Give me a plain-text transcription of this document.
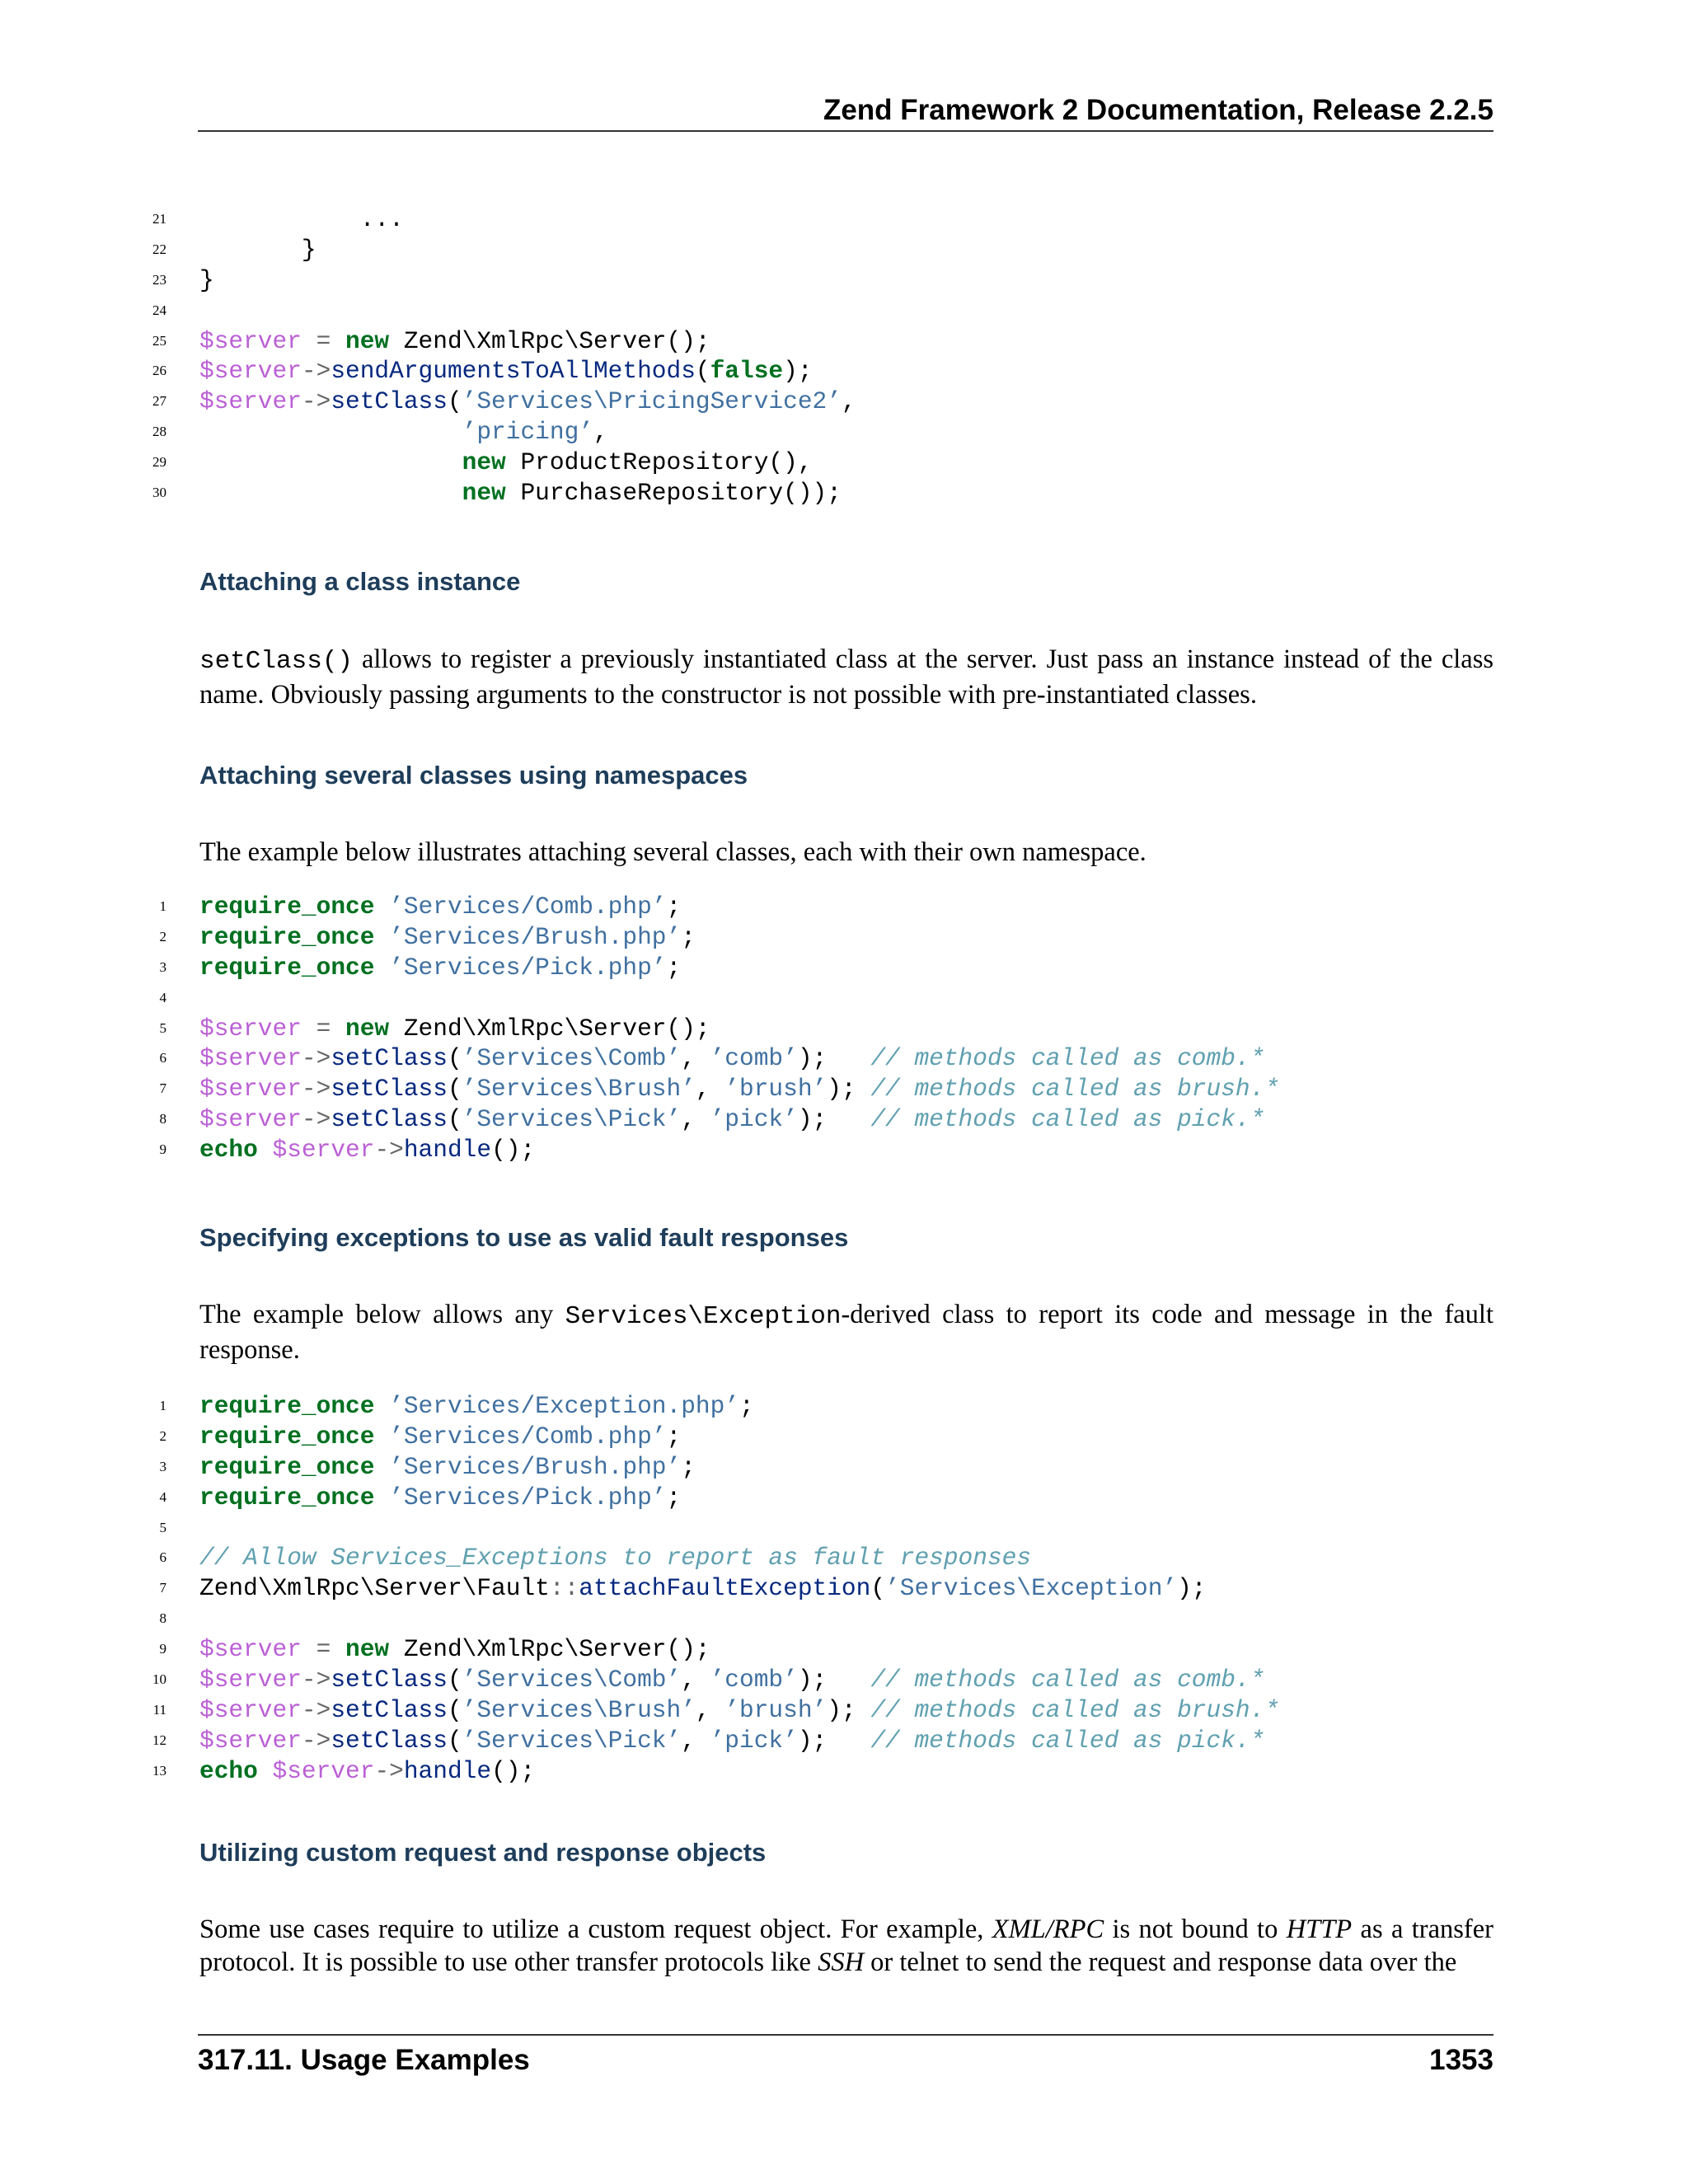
Zend Framework 2 Documentation, Release 2.2.5
21 ...
22 }
23 }
24
25 $server = new Zend\XmlRpc\Server();
26 $server->sendArgumentsToAllMethods(false);
27 $server->setClass(’Services\PricingService2’,
28	’pricing’,
29	new ProductRepository(),
30	new PurchaseRepository());
Attaching a class instance

setClass() allows to register a previously instantiated class at the server. Just pass an instance instead of the class name. Obviously passing arguments to the constructor is not possible with pre-instantiated classes.

Attaching several classes using namespaces

The example below illustrates attaching several classes, each with their own namespace.

1 require_once ’Services/Comb.php’;
2 require_once ’Services/Brush.php’;
3 require_once ’Services/Pick.php’;
4
5 $server = new Zend\XmlRpc\Server();
6 $server->setClass(’Services\Comb’, ’comb’);   // methods called as comb.*
7 $server->setClass(’Services\Brush’, ’brush’); // methods called as brush.*
8 $server->setClass(’Services\Pick’, ’pick’);   // methods called as pick.*
9 echo $server->handle();
Specifying exceptions to use as valid fault responses

The example below allows any Services\Exception-derived class to report its code and message in the fault response.

1 require_once ’Services/Exception.php’;
2 require_once ’Services/Comb.php’;
3 require_once ’Services/Brush.php’;
4 require_once ’Services/Pick.php’;
5
6 // Allow Services_Exceptions to report as fault responses
7 Zend\XmlRpc\Server\Fault::attachFaultException(’Services\Exception’);
8
9 $server = new Zend\XmlRpc\Server();
10 $server->setClass(’Services\Comb’, ’comb’);   // methods called as comb.*
11 $server->setClass(’Services\Brush’, ’brush’); // methods called as brush.*
12 $server->setClass(’Services\Pick’, ’pick’);   // methods called as pick.*
13 echo $server->handle();
Utilizing custom request and response objects

Some use cases require to utilize a custom request object. For example, XML/RPC is not bound to HTTP as a transfer protocol. It is possible to use other transfer protocols like SSH or telnet to send the request and response data over the

317.11. Usage Examples	1353
